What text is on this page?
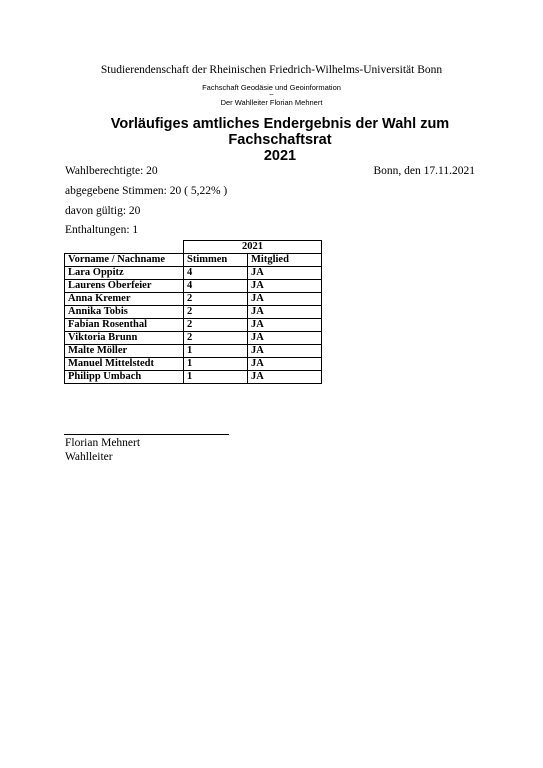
Studierendenschaft der Rheinischen Friedrich-Wilhelms-Universität Bonn
Fachschaft Geodäsie und Geoinformation
–
Der Wahlleiter Florian Mehnert
Vorläufiges amtliches Endergebnis der Wahl zum Fachschaftsrat
2021
Wahlberechtigte: 20	Bonn, den 17.11.2021
abgegebene Stimmen: 20 ( 5,22% )
davon gültig: 20
Enthaltungen: 1
	2021	
Vorname / Nachname	Stimmen	Mitglied
Lara Oppitz	4	JA
Laurens Oberfeier	4	JA
Anna Kremer	2	JA
Annika Tobis	2	JA
Fabian Rosenthal	2	JA
Viktoria Brunn	2	JA
Malte Möller	1	JA
Manuel Mittelstedt	1	JA
Philipp Umbach	1	JA
Florian Mehnert
Wahlleiter
